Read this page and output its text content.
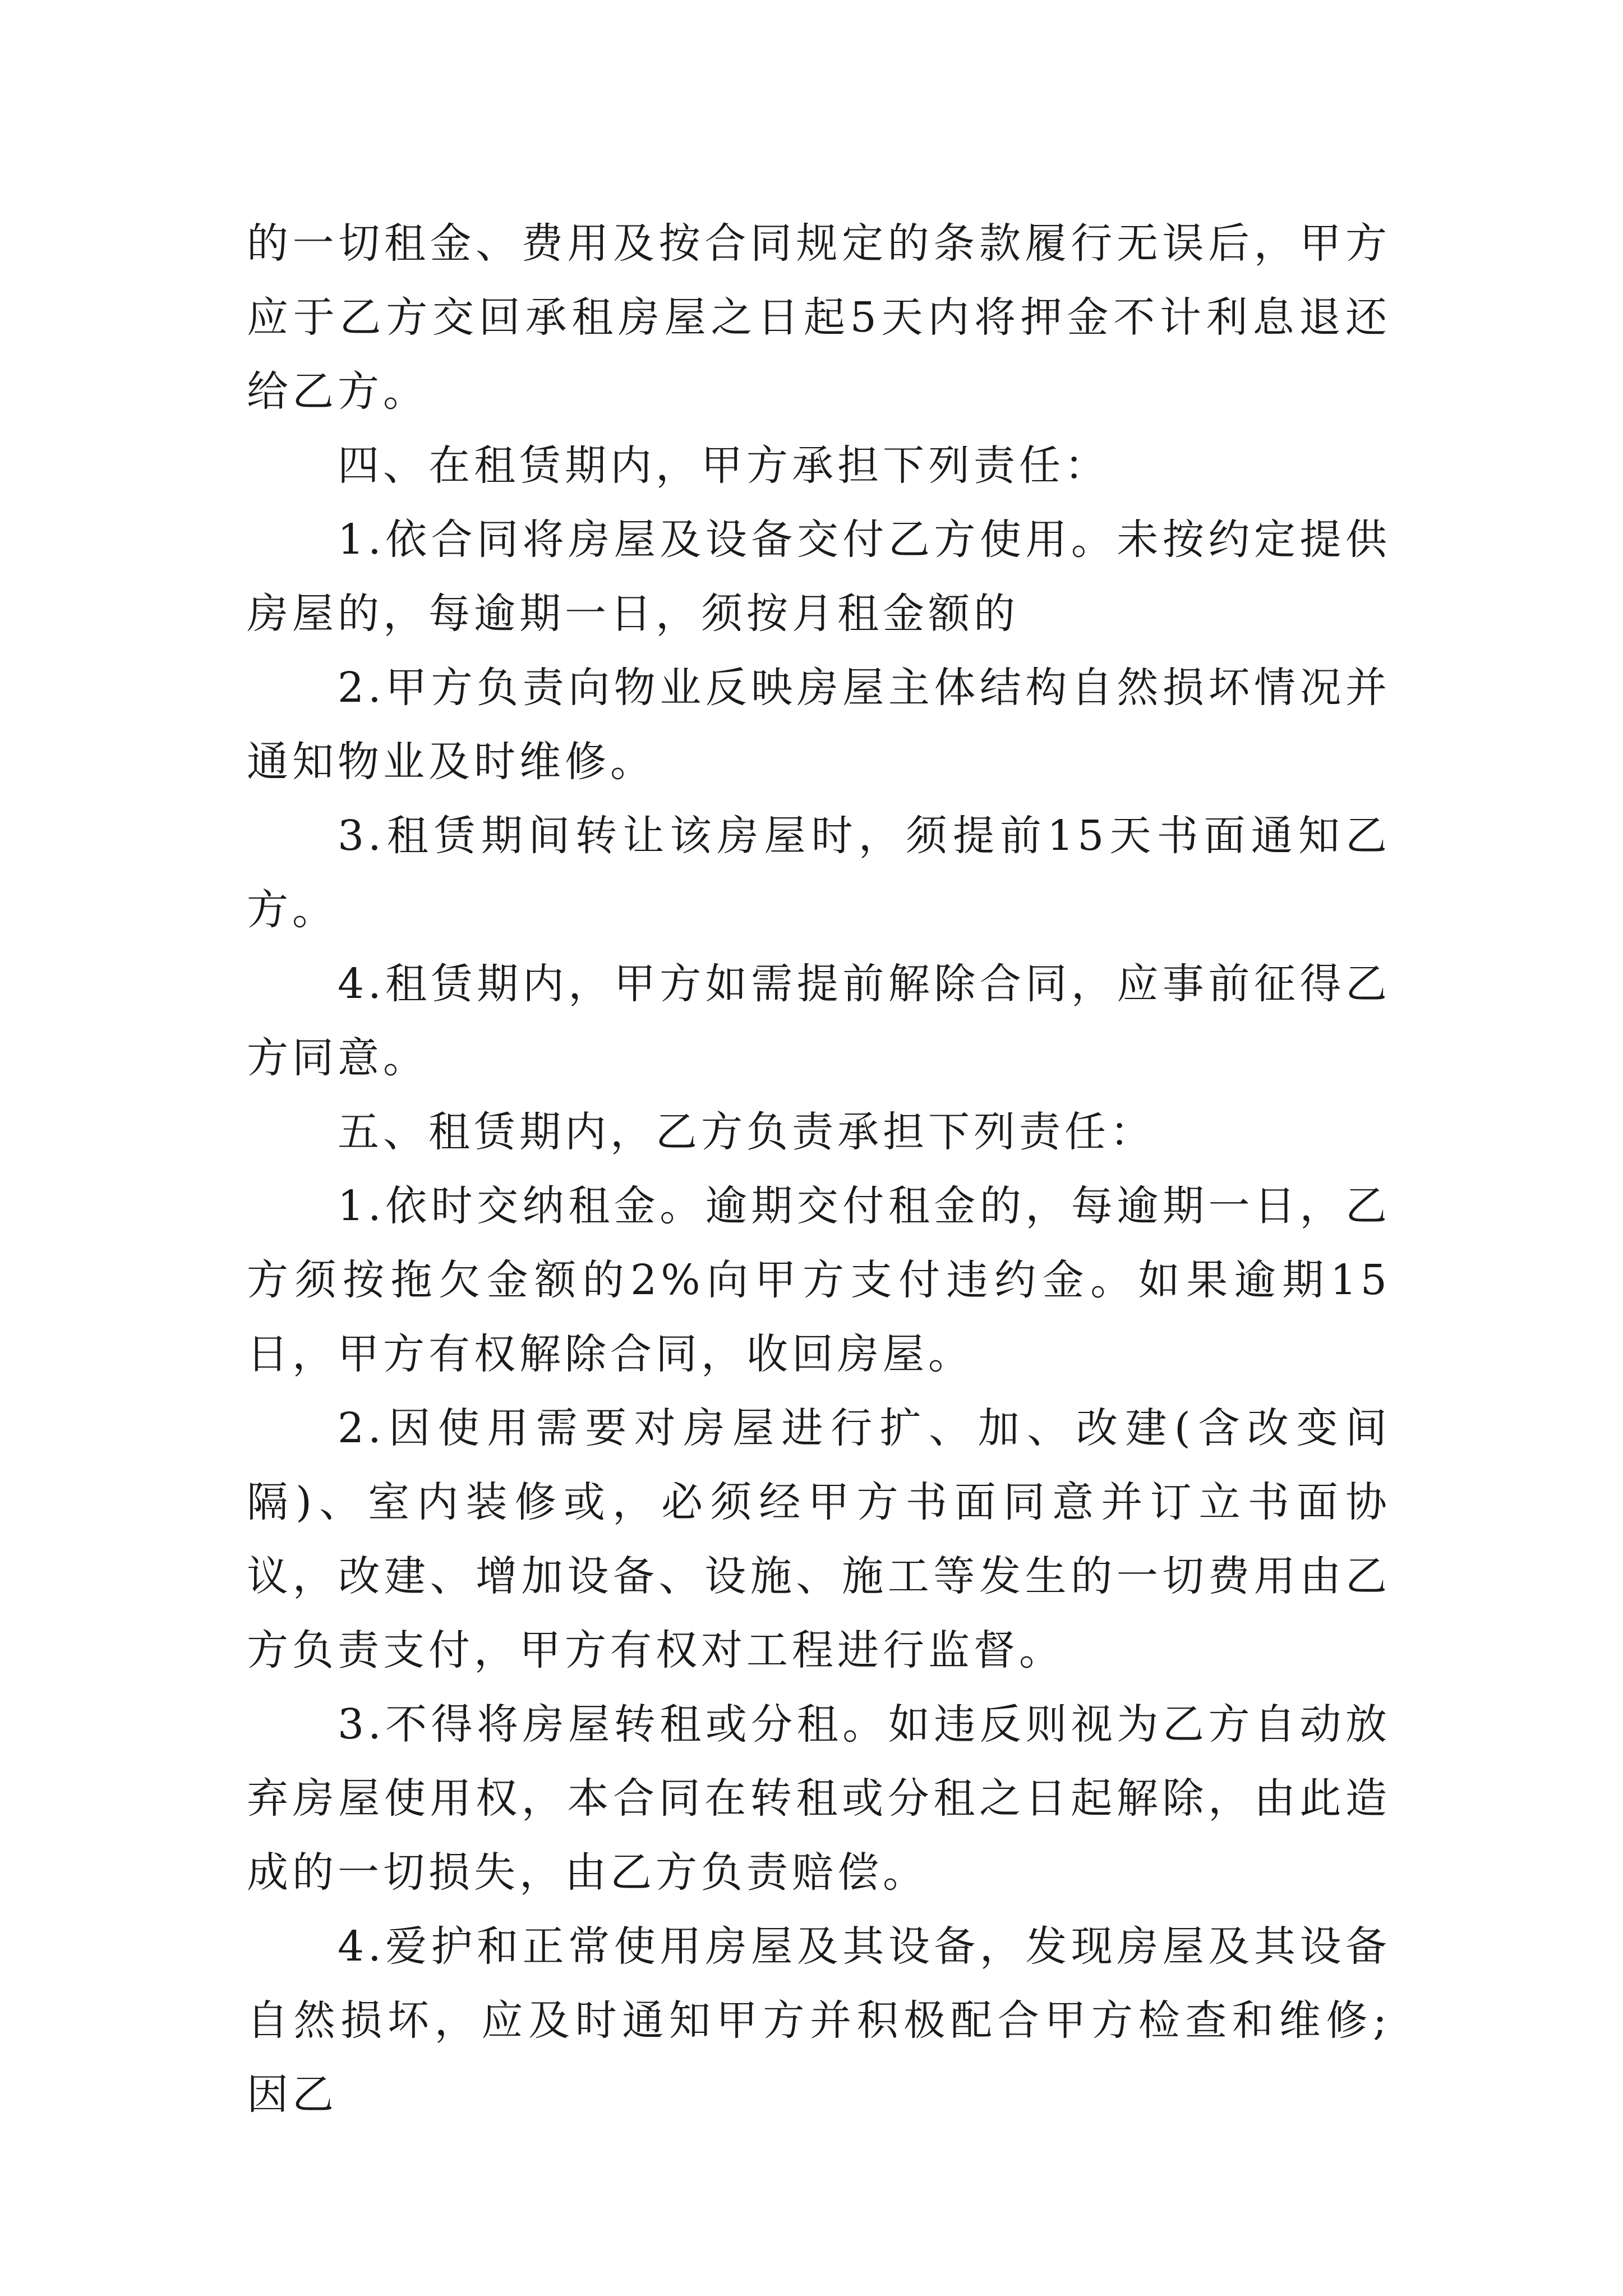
的一切租金、费用及按合同规定的条款履行无误后，甲方应于乙方交回承租房屋之日起5天内将押金不计利息退还给乙方。

四、在租赁期内，甲方承担下列责任：

1.依合同将房屋及设备交付乙方使用。未按约定提供房屋的，每逾期一日，须按月租金额的

2.甲方负责向物业反映房屋主体结构自然损坏情况并通知物业及时维修。

3.租赁期间转让该房屋时，须提前15天书面通知乙方。

4.租赁期内，甲方如需提前解除合同，应事前征得乙方同意。

五、租赁期内，乙方负责承担下列责任：

1.依时交纳租金。逾期交付租金的，每逾期一日，乙方须按拖欠金额的2%向甲方支付违约金。如果逾期15日，甲方有权解除合同，收回房屋。

2.因使用需要对房屋进行扩、加、改建(含改变间隔)、室内装修或，必须经甲方书面同意并订立书面协议，改建、增加设备、设施、施工等发生的一切费用由乙方负责支付，甲方有权对工程进行监督。

3.不得将房屋转租或分租。如违反则视为乙方自动放弃房屋使用权，本合同在转租或分租之日起解除，由此造成的一切损失，由乙方负责赔偿。

4.爱护和正常使用房屋及其设备，发现房屋及其设备自然损坏，应及时通知甲方并积极配合甲方检查和维修;因乙
